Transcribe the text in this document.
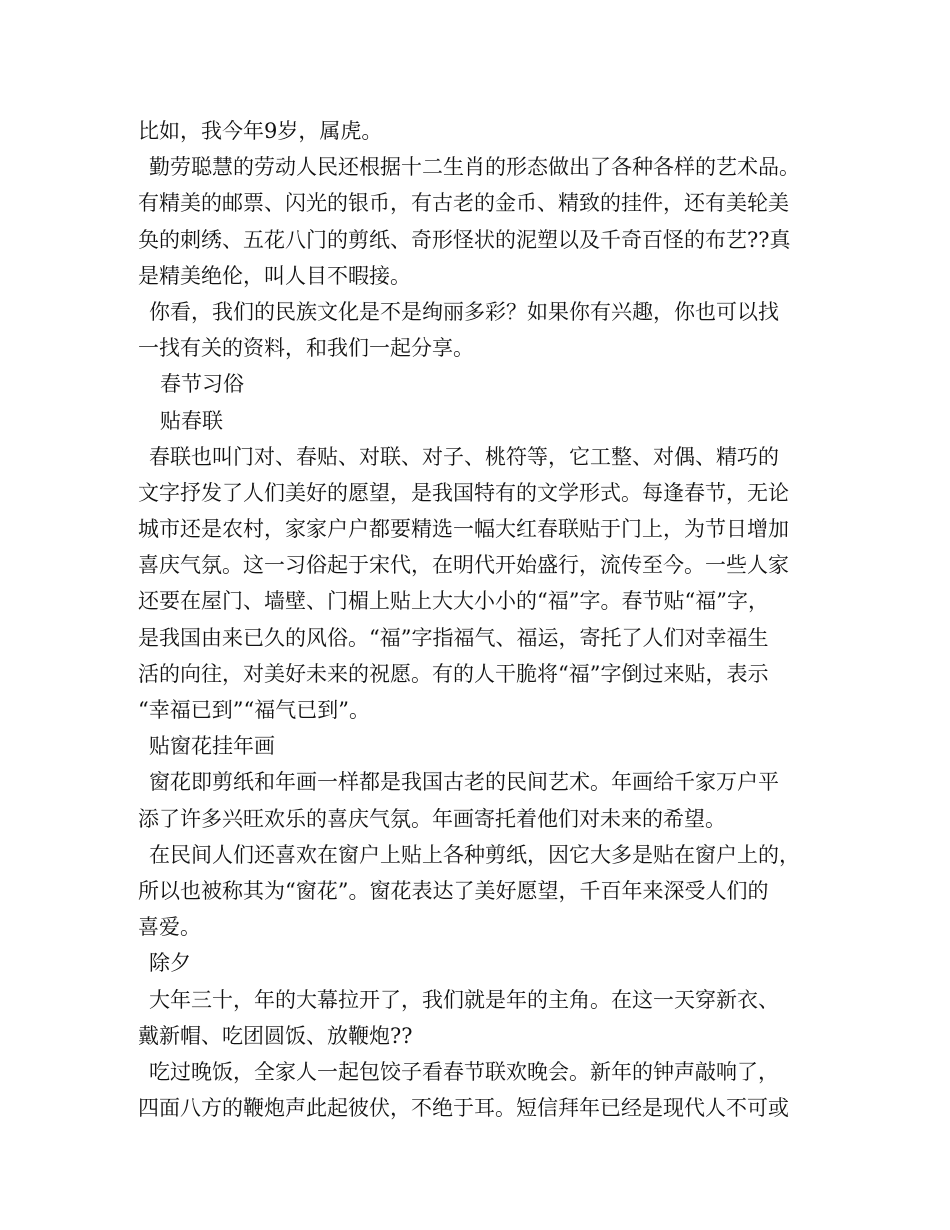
比如，我今年9岁，属虎。
勤劳聪慧的劳动人民还根据十二生肖的形态做出了各种各样的艺术品。
有精美的邮票、闪光的银币，有古老的金币、精致的挂件，还有美轮美
奂的刺绣、五花八门的剪纸、奇形怪状的泥塑以及千奇百怪的布艺??真
是精美绝伦，叫人目不暇接。
你看，我们的民族文化是不是绚丽多彩？如果你有兴趣，你也可以找
一找有关的资料，和我们一起分享。
春节习俗
贴春联
春联也叫门对、春贴、对联、对子、桃符等，它工整、对偶、精巧的
文字抒发了人们美好的愿望，是我国特有的文学形式。每逢春节，无论
城市还是农村，家家户户都要精选一幅大红春联贴于门上，为节日增加
喜庆气氛。这一习俗起于宋代，在明代开始盛行，流传至今。一些人家
还要在屋门、墙壁、门楣上贴上大大小小的“福”字。春节贴“福”字，
是我国由来已久的风俗。“福”字指福气、福运，寄托了人们对幸福生
活的向往，对美好未来的祝愿。有的人干脆将“福”字倒过来贴，表示
“幸福已到”“福气已到”。
贴窗花挂年画
窗花即剪纸和年画一样都是我国古老的民间艺术。年画给千家万户平
添了许多兴旺欢乐的喜庆气氛。年画寄托着他们对未来的希望。
在民间人们还喜欢在窗户上贴上各种剪纸，因它大多是贴在窗户上的，
所以也被称其为“窗花”。窗花表达了美好愿望，千百年来深受人们的
喜爱。
除夕
大年三十，年的大幕拉开了，我们就是年的主角。在这一天穿新衣、
戴新帽、吃团圆饭、放鞭炮??
吃过晚饭，全家人一起包饺子看春节联欢晚会。新年的钟声敲响了，
四面八方的鞭炮声此起彼伏，不绝于耳。短信拜年已经是现代人不可或
